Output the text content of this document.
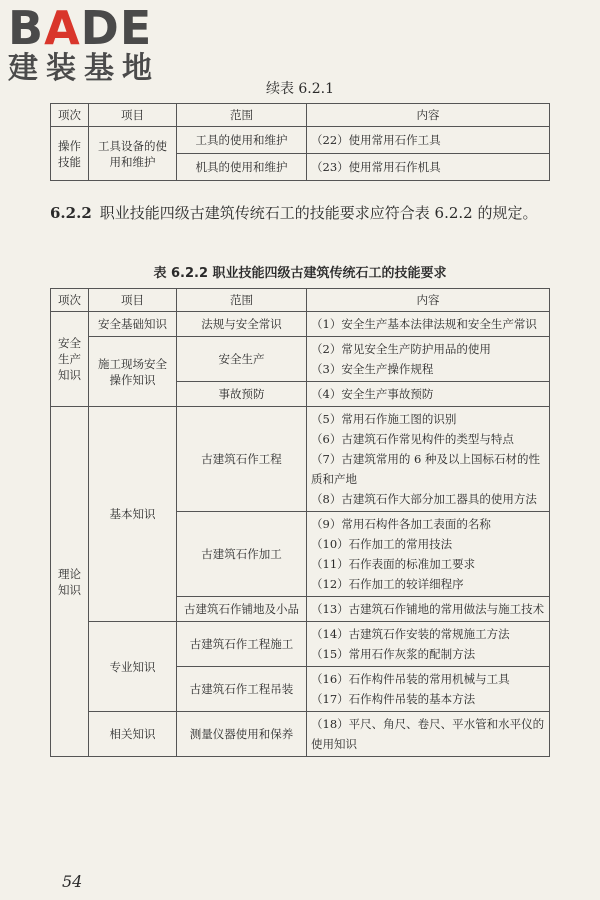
BADE
建装基地
续表 6.2.1
项次	项目	范围	内容
操作技能	工具设备的使用和维护	工具的使用和维护	（22）使用常用石作工具
		机具的使用和维护	（23）使用常用石作机具
6.2.2 职业技能四级古建筑传统石工的技能要求应符合表 6.2.2 的规定。
表 6.2.2 职业技能四级古建筑传统石工的技能要求
项次	项目	范围	内容
安全生产知识	安全基础知识	法规与安全常识	（1）安全生产基本法律法规和安全生产常识

	施工现场安全操作知识	安全生产	（2）常见安全生产防护用品的使用
（3）安全生产操作规程

		事故预防	（4）安全生产事故预防

理论知识	基本知识	古建筑石作工程	（5）常用石作施工图的识别
（6）古建筑石作常见构件的类型与特点
（7）古建筑常用的 6 种及以上国标石材的性质和产地
（8）古建筑石作大部分加工器具的使用方法

		古建筑石作加工	（9）常用石构件各加工表面的名称
（10）石作加工的常用技法
（11）石作表面的标准加工要求
（12）石作加工的较详细程序

		古建筑石作铺地及小品	（13）古建筑石作铺地的常用做法与施工技术

	专业知识	古建筑石作工程施工	（14）古建筑石作安装的常规施工方法
（15）常用石作灰浆的配制方法

		古建筑石作工程吊装	（16）石作构件吊装的常用机械与工具
（17）石作构件吊装的基本方法

	相关知识	测量仪器使用和保养	（18）平尺、角尺、卷尺、平水管和水平仪的使用知识
54
